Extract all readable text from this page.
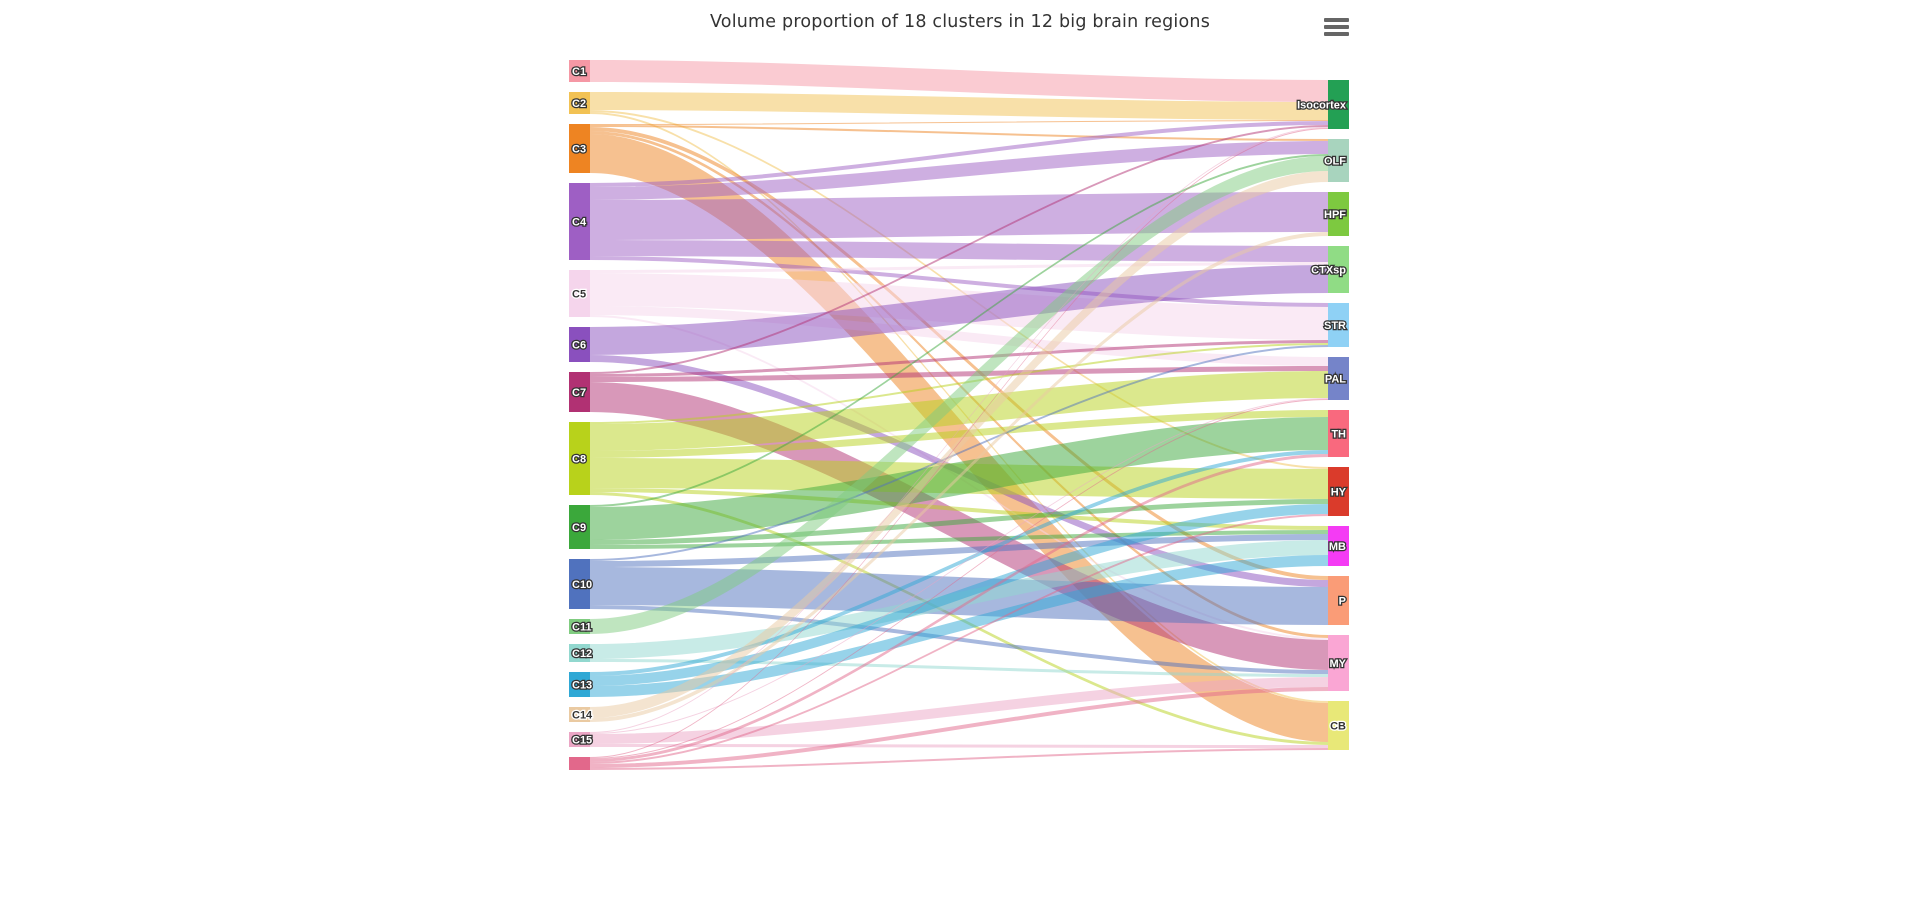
Volume proportion of 18 clusters in 12 big brain regions
C1
C2
C3
C4
C5
C6
C7
C8
C9
C10
C11
C12
C13
C14
C15
Isocortex
OLF
HPF
CTXsp
STR
PAL
TH
HY
MB
P
MY
CB
